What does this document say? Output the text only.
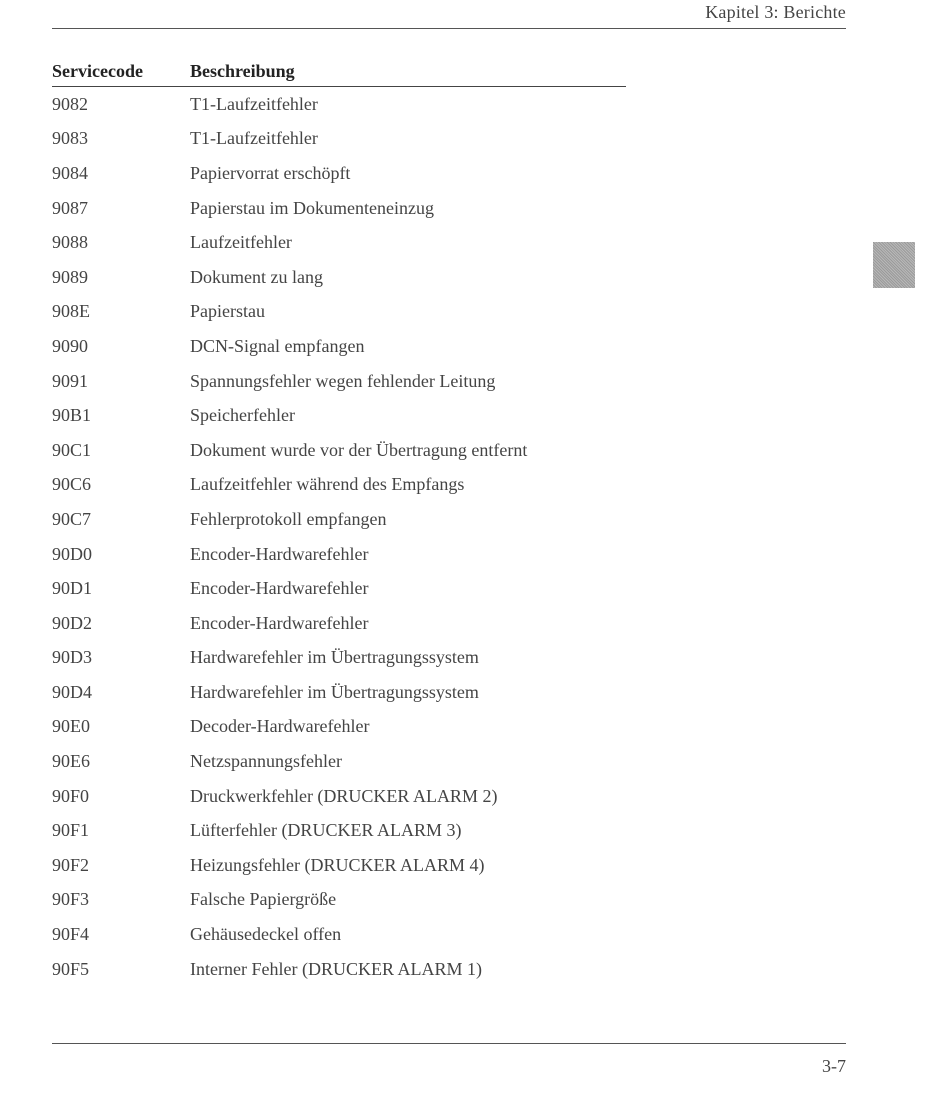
Kapitel 3: Berichte
Servicecode	Beschreibung
9082	T1-Laufzeitfehler
9083	T1-Laufzeitfehler
9084	Papiervorrat erschöpft
9087	Papierstau im Dokumenteneinzug
9088	Laufzeitfehler
9089	Dokument zu lang
908E	Papierstau
9090	DCN-Signal empfangen
9091	Spannungsfehler wegen fehlender Leitung
90B1	Speicherfehler
90C1	Dokument wurde vor der Übertragung entfernt
90C6	Laufzeitfehler während des Empfangs
90C7	Fehlerprotokoll empfangen
90D0	Encoder-Hardwarefehler
90D1	Encoder-Hardwarefehler
90D2	Encoder-Hardwarefehler
90D3	Hardwarefehler im Übertragungssystem
90D4	Hardwarefehler im Übertragungssystem
90E0	Decoder-Hardwarefehler
90E6	Netzspannungsfehler
90F0	Druckwerkfehler (DRUCKER ALARM 2)
90F1	Lüfterfehler (DRUCKER ALARM 3)
90F2	Heizungsfehler (DRUCKER ALARM 4)
90F3	Falsche Papiergröße
90F4	Gehäusedeckel offen
90F5	Interner Fehler (DRUCKER ALARM 1)
3-7
